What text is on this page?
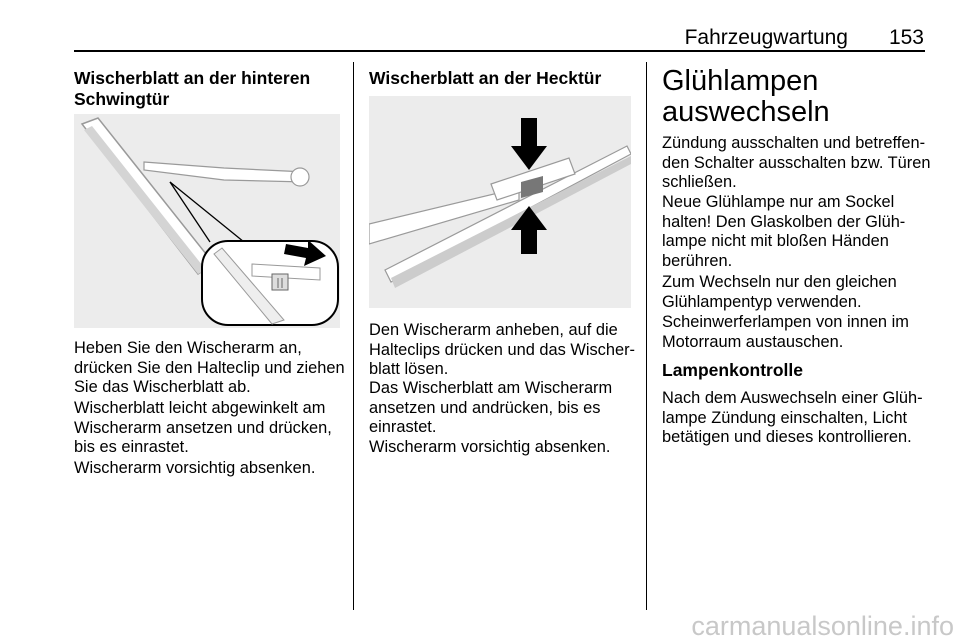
Fahrzeugwartung 153
Wischerblatt an der hinteren
Schwingtür

Heben Sie den Wischerarm an,
drücken Sie den Halteclip und ziehen
Sie das Wischerblatt ab.

Wischerblatt leicht abgewinkelt am
Wischerarm ansetzen und drücken,
bis es einrastet.

Wischerarm vorsichtig absenken.

Wischerblatt an der Hecktür

Den Wischerarm anheben, auf die
Halteclips drücken und das Wischer-
blatt lösen.

Das Wischerblatt am Wischerarm
ansetzen und andrücken, bis es
einrastet.

Wischerarm vorsichtig absenken.

Glühlampen
auswechseln

Zündung ausschalten und betreffen-
den Schalter ausschalten bzw. Türen
schließen.

Neue Glühlampe nur am Sockel
halten! Den Glaskolben der Glüh-
lampe nicht mit bloßen Händen
berühren.

Zum Wechseln nur den gleichen
Glühlampentyp verwenden.

Scheinwerferlampen von innen im
Motorraum austauschen.

Lampenkontrolle

Nach dem Auswechseln einer Glüh-
lampe Zündung einschalten, Licht
betätigen und dieses kontrollieren.

carmanualsonline.info
